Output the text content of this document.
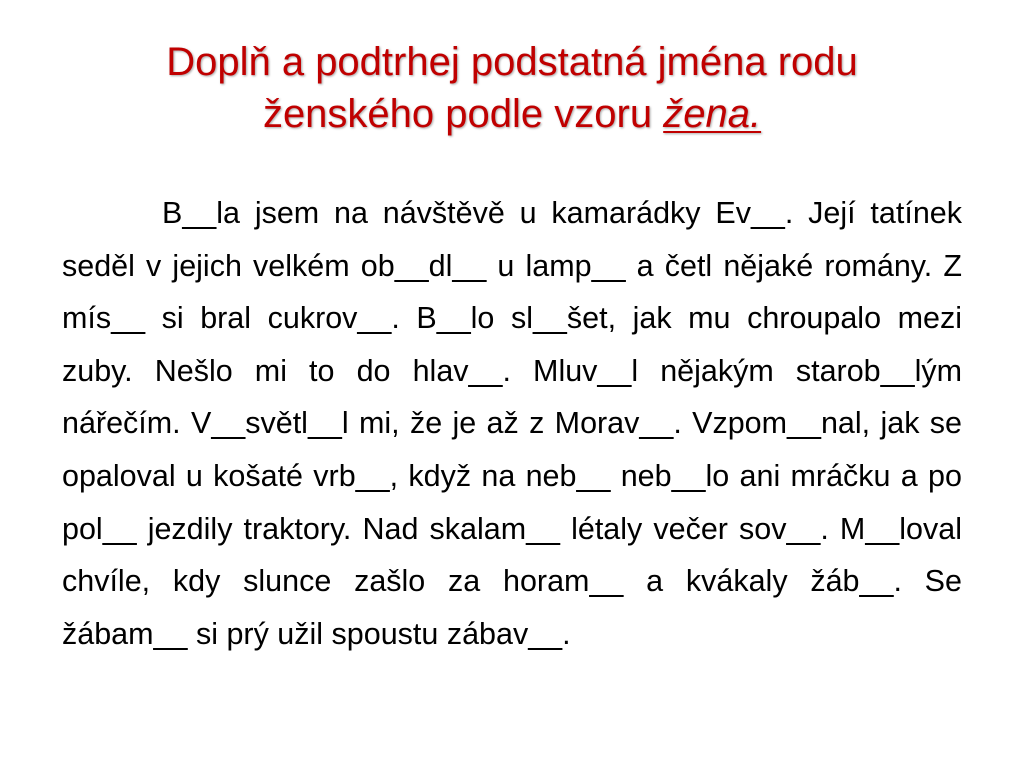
Doplň a podtrhej podstatná jména rodu
ženského podle vzoru žena.

B__la jsem na návštěvě u kamarádky Ev__. Její tatínek seděl v jejich velkém ob__dl__ u lamp__ a četl nějaké romány. Z mís__ si bral cukrov__. B__lo sl__šet, jak mu chroupalo mezi zuby. Nešlo mi to do hlav__. Mluv__l nějakým starob__lým nářečím. V__světl__l mi, že je až z Morav__. Vzpom__nal, jak se opaloval u košaté vrb__, když na neb__ neb__lo ani mráčku a po pol__ jezdily traktory. Nad skalam__ létaly večer sov__. M__loval chvíle, kdy slunce zašlo za horam__ a kvákaly žáb__. Se žábam__ si prý užil spoustu zábav__.
